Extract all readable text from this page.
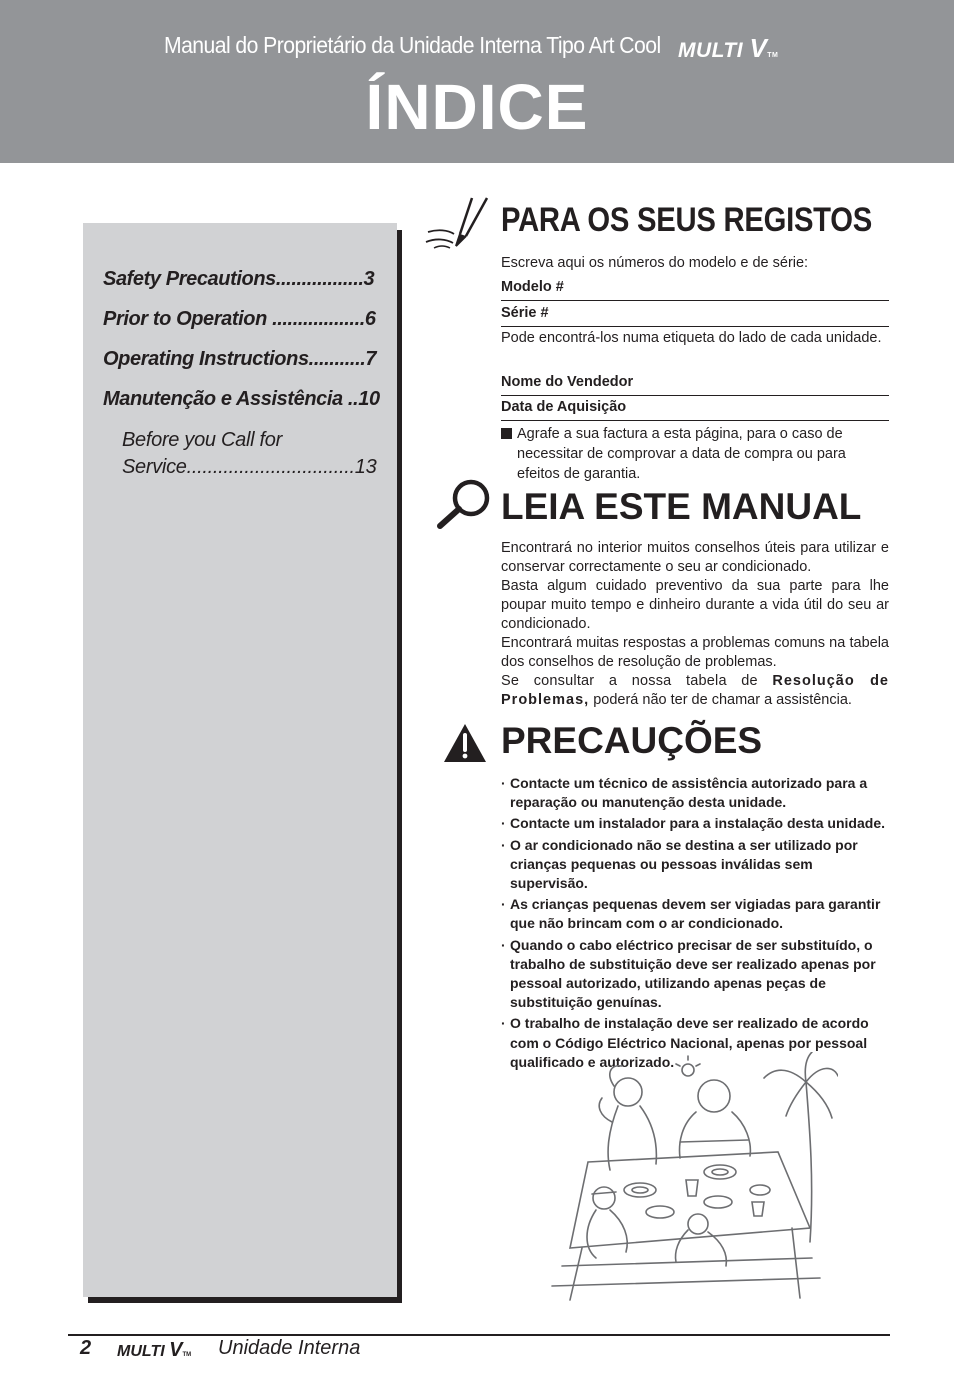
Manual do Proprietário da Unidade Interna Tipo Art Cool MULTI VTM
ÍNDICE
Safety Precautions.................3
Prior to Operation ..................6
Operating Instructions...........7
Manutenção e Assistência ..10
Before you Call for
Service................................13
PARA OS SEUS REGISTOS
Escreva aqui os números do modelo e de série:
Modelo #
Série #
Pode encontrá-los numa etiqueta do lado de cada unidade.
Nome do Vendedor
Data de Aquisição
Agrafe a sua factura a esta página, para o caso de necessitar de comprovar a data de compra ou para efeitos de garantia.
LEIA ESTE MANUAL

Encontrará no interior muitos conselhos úteis para utilizar e conservar correctamente o seu ar condicionado.

Basta algum cuidado preventivo da sua parte para lhe poupar muito tempo e dinheiro durante a vida útil do seu ar condicionado.

Encontrará muitas respostas a problemas comuns na tabela dos conselhos de resolução de problemas.

Se consultar a nossa tabela de Resolução de Problemas, poderá não ter de chamar a assistência.

PRECAUÇÕES
· Contacte um técnico de assistência autorizado para a reparação ou manutenção desta unidade.
· Contacte um instalador para a instalação desta unidade.
· O ar condicionado não se destina a ser utilizado por crianças pequenas ou pessoas inválidas sem supervisão.
· As crianças pequenas devem ser vigiadas para garantir que não brincam com o ar condicionado.
· Quando o cabo eléctrico precisar de ser substituído, o trabalho de substituição deve ser realizado apenas por pessoal autorizado, utilizando apenas peças de substituição genuínas.
· O trabalho de instalação deve ser realizado de acordo com o Código Eléctrico Nacional, apenas por pessoal qualificado e autorizado.
2 MULTI VTM Unidade Interna
